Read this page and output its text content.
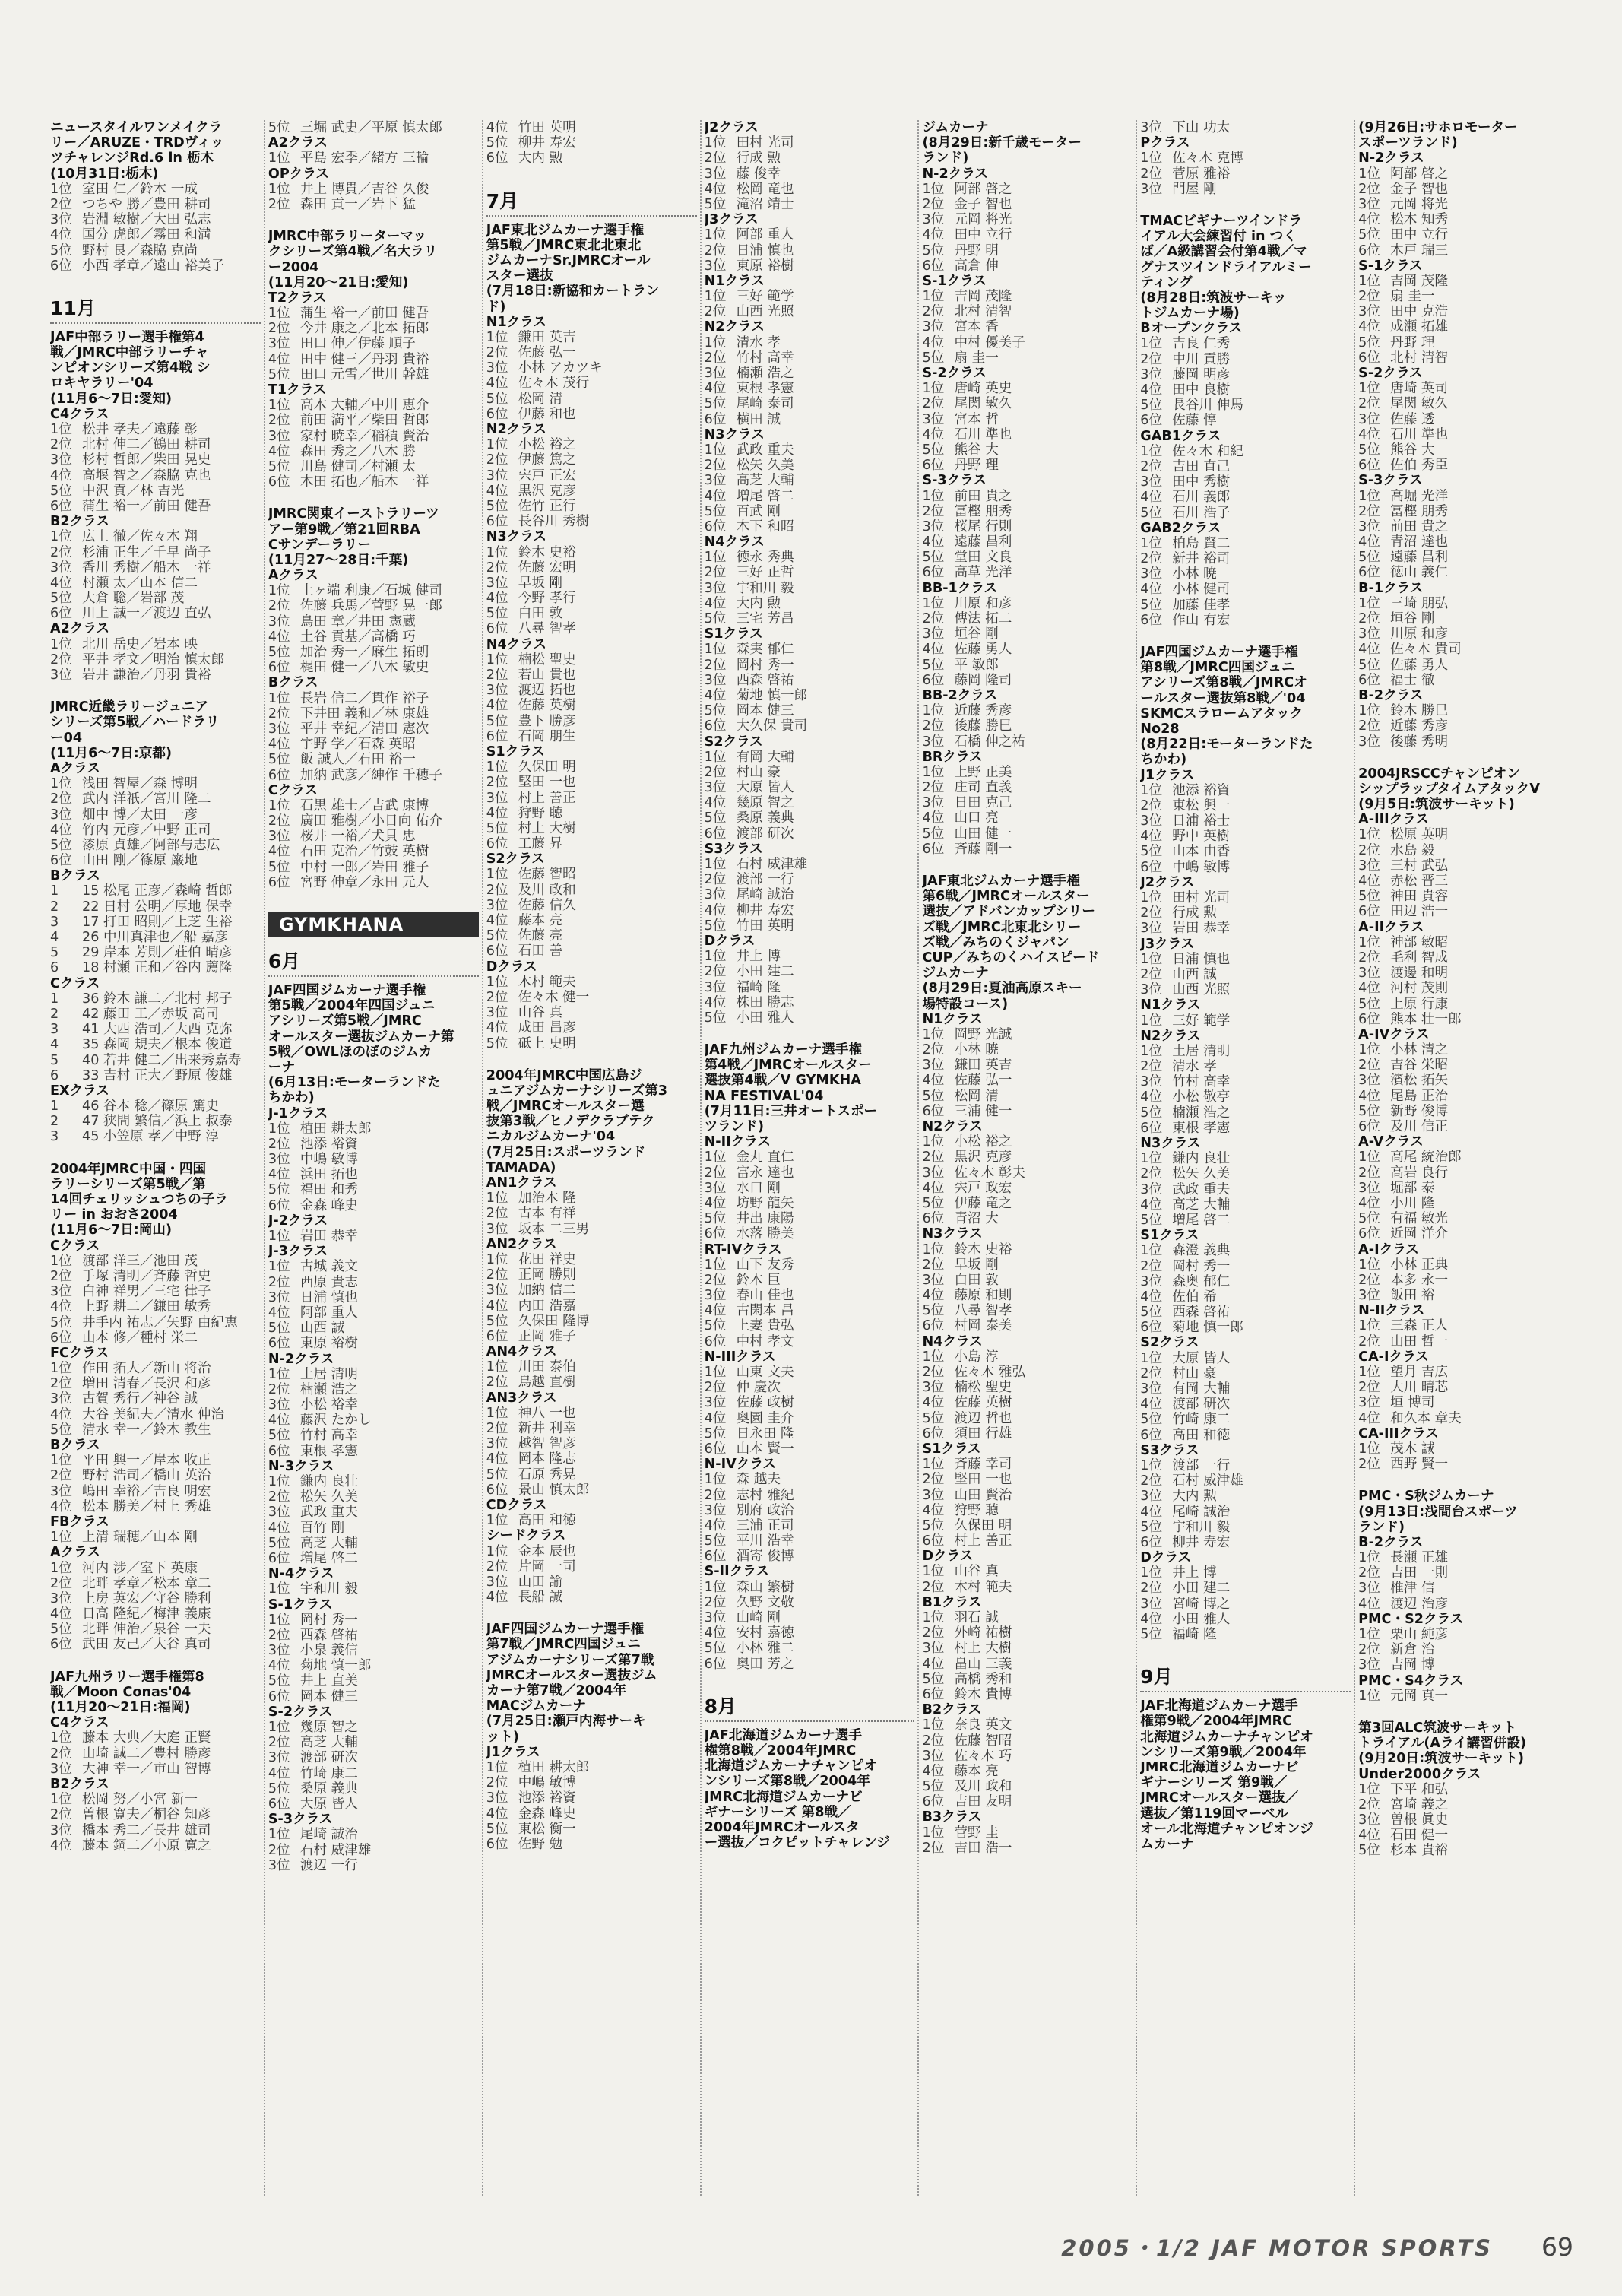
ニュースタイルワンメイクラ
リー／ARUZE・TRDヴィッ
ツチャレンジRd.6 in 栃木
(10月31日:栃木)
1位 室田 仁／鈴木 一成
2位 つちや 勝／豊田 耕司
3位 岩淵 敏樹／大田 弘志
4位 国分 虎郎／霧田 和満
5位 野村 艮／森脇 克尚
6位 小西 孝章／遠山 裕美子
11月
JAF中部ラリー選手権第4
戦／JMRC中部ラリーチャ
ンピオンシリーズ第4戦 シ
ロキヤラリー'04
(11月6～7日:愛知)
C4クラス
1位 松井 孝夫／遠藤 彰
2位 北村 伸二／鶴田 耕司
3位 杉村 哲郎／柴田 晃史
4位 高堰 智之／森脇 克也
5位 中沢 貢／林 吉光
6位 蒲生 裕一／前田 健吾
B2クラス
1位 広上 徹／佐々木 翔
2位 杉浦 正生／千早 尚子
3位 香川 秀樹／船木 一祥
4位 村瀬 太／山本 信二
5位 大倉 聡／岩部 茂
6位 川上 誠一／渡辺 直弘
A2クラス
1位 北川 岳史／岩本 映
2位 平井 孝文／明治 慎太郎
3位 岩井 謙治／丹羽 貴裕
JMRC近畿ラリージュニア
シリーズ第5戦／ハードラリ
ー04
(11月6～7日:京都)
Aクラス
1位 浅田 智屋／森 博明
2位 武内 洋祇／宮川 隆二
3位 畑中 博／太田 一彦
4位 竹内 元彦／中野 正司
5位 漆原 貞雄／阿部与志広
6位 山田 剛／篠原 巌地
Bクラス
1 15 松尾 正彦／森崎 哲郎
2 22 日村 公明／厚地 保幸
3 17 打田 昭則／上芝 生裕
4 26 中川真津也／船 嘉彦
5 29 岸本 芳則／荘伯 晴彦
6 18 村瀬 正和／谷内 薦隆
Cクラス
1 36 鈴木 謙二／北村 邦子
2 42 藤田 工／赤坂 高司
3 41 大西 浩司／大西 克弥
4 35 森岡 規夫／根本 俊道
5 40 若井 健二／出来秀嘉寿
6 33 吉村 正大／野原 俊雄
EXクラス
1 46 谷本 稔／篠原 篤史
2 47 狭間 繁信／浜上 叔泰
3 45 小笠原 孝／中野 淳
2004年JMRC中国・四国
ラリーシリーズ第5戦／第
14回チェリッシュつちの子ラ
リー in おおさ2004
(11月6～7日:岡山)
Cクラス
1位 渡部 洋三／池田 茂
2位 手塚 清明／斉藤 哲史
3位 白神 祥男／三宅 律子
4位 上野 耕二／鎌田 敏秀
5位 井手内 祐志／矢野 由紀恵
6位 山本 修／種村 栄二
FCクラス
1位 作田 拓大／新山 将治
2位 増田 清春／長沢 和彦
3位 古賀 秀行／神谷 誠
4位 大谷 美紀夫／清水 伸治
5位 清水 幸一／鈴木 教生
Bクラス
1位 平田 興一／岸本 收正
2位 野村 浩司／橋山 英治
3位 嶋田 幸裕／吉良 明宏
4位 松本 勝美／村上 秀雄
FBクラス
1位 上清 瑞穂／山本 剛
Aクラス
1位 河内 涉／室下 英康
2位 北畔 孝章／松本 章二
3位 上房 英宏／守谷 勝利
4位 日高 隆紀／梅津 義康
5位 北畔 伸治／泉谷 一夫
6位 武田 友己／大谷 真司
JAF九州ラリー選手権第8
戦／Moon Conas'04
(11月20～21日:福岡)
C4クラス
1位 藤本 大典／大庭 正賢
2位 山崎 誠二／豊村 勝彦
3位 大神 幸一／市山 智博
B2クラス
1位 松岡 努／小宮 新一
2位 曽根 寛夫／桐谷 知彦
3位 橋本 秀二／長井 雄司
4位 藤本 鋼二／小原 寛之
5位 三堀 武史／平原 慎太郎
A2クラス
1位 平島 宏季／緒方 三輪
OPクラス
1位 井上 博貴／吉谷 久俊
2位 森田 貢一／岩下 猛
JMRC中部ラリーターマッ
クシリーズ第4戦／名大ラリ
ー2004
(11月20～21日:愛知)
T2クラス
1位 蒲生 裕一／前田 健吾
2位 今井 康之／北本 拓郎
3位 田口 伸／伊藤 順子
4位 田中 健三／丹羽 貴裕
5位 田口 元雪／世川 幹雄
T1クラス
1位 高木 大輔／中川 恵介
2位 前田 満平／柴田 哲郎
3位 家村 暁幸／稲積 賢治
4位 森田 秀之／八木 勝
5位 川島 健司／村瀬 太
6位 木田 拓也／船木 一祥
JMRC関東イーストラリーツ
アー第9戦／第21回RBA
Cサンデーラリー
(11月27～28日:千葉)
Aクラス
1位 土ヶ端 利康／石城 健司
2位 佐藤 兵馬／菅野 晃一郎
3位 鳥田 章／井田 憲蔵
4位 土谷 貢基／高橋 巧
5位 加治 秀一／麻生 拓朗
6位 梶田 健一／八木 敏史
Bクラス
1位 長岩 信二／貫作 裕子
2位 下井田 義和／林 康雄
3位 平井 幸紀／清田 憲次
4位 宇野 学／石森 英昭
5位 飯 誠人／石田 裕一
6位 加納 武彦／紳作 千穂子
Cクラス
1位 石黒 雄士／吉武 康博
2位 廣田 雅樹／小日向 佑介
3位 桜井 一裕／犬貝 忠
4位 石田 克治／竹鼓 英樹
5位 中村 一郎／岩田 雅子
6位 宮野 伸章／永田 元人
GYMKHANA
6月
JAF四国ジムカーナ選手権
第5戦／2004年四国ジュニ
アシリーズ第5戦／JMRC
オールスター選抜ジムカーナ第
5戦／OWLほのぼのジムカ
ーナ
(6月13日:モーターランドた
ちかわ)
J-1クラス
1位 植田 耕太郎
2位 池添 裕資
3位 中嶋 敏博
4位 浜田 拓也
5位 福田 和秀
6位 金森 峰史
J-2クラス
1位 岩田 恭幸
J-3クラス
1位 古城 義文
2位 西原 貴志
3位 日浦 慎也
4位 阿部 重人
5位 山西 誠
6位 東原 裕樹
N-2クラス
1位 土居 清明
2位 楠瀬 浩之
3位 小松 裕幸
4位 藤沢 たかし
5位 竹村 高幸
6位 東根 孝憲
N-3クラス
1位 鎌内 良壮
2位 松矢 久美
3位 武政 重夫
4位 百竹 剛
5位 高芝 大輔
6位 増尾 啓二
N-4クラス
1位 宇和川 毅
S-1クラス
1位 岡村 秀一
2位 西森 啓祐
3位 小泉 義信
4位 菊地 慎一郎
5位 井上 直美
6位 岡本 健三
S-2クラス
1位 幾原 智之
2位 高芝 大輔
3位 渡部 研次
4位 竹崎 康二
5位 桑原 義典
6位 大原 皆人
S-3クラス
1位 尾崎 誠治
2位 石村 威津雄
3位 渡辺 一行
4位 竹田 英明
5位 柳井 寿宏
6位 大内 勲
7月
JAF東北ジムカーナ選手権
第5戦／JMRC東北北東北
ジムカーナSr.JMRCオール
スター選抜
(7月18日:新協和カートラン
ド)
N1クラス
1位 鎌田 英吉
2位 佐藤 弘一
3位 小林 アカツキ
4位 佐々木 茂行
5位 松岡 清
6位 伊藤 和也
N2クラス
1位 小松 裕之
2位 伊藤 篤之
3位 宍戸 正宏
4位 黒沢 克彦
5位 佐竹 正行
6位 長谷川 秀樹
N3クラス
1位 鈴木 史裕
2位 佐藤 宏明
3位 早坂 剛
4位 今野 孝行
5位 白田 敦
6位 八尋 智孝
N4クラス
1位 楠松 聖史
2位 若山 貴也
3位 渡辺 拓也
4位 佐藤 英樹
5位 豊下 勝彦
6位 石岡 朋生
S1クラス
1位 久保田 明
2位 堅田 一也
3位 村上 善正
4位 狩野 聴
5位 村上 大樹
6位 工藤 昇
S2クラス
1位 佐藤 智昭
2位 及川 政和
3位 佐藤 信久
4位 藤本 亮
5位 佐藤 亮
6位 石田 善
Dクラス
1位 木村 範夫
2位 佐々木 健一
3位 山谷 真
4位 成田 昌彦
5位 砥上 史明
2004年JMRC中国広島ジ
ュニアジムカーナシリーズ第3
戦／JMRCオールスター選
抜第3戦／ヒノデクラブテク
ニカルジムカーナ'04
(7月25日:スポーツランド
TAMADA)
AN1クラス
1位 加治木 隆
2位 古本 有祥
3位 坂本 二三男
AN2クラス
1位 花田 祥史
2位 正岡 勝則
3位 加納 信二
4位 内田 浩嘉
5位 久保田 隆博
6位 正岡 雅子
AN4クラス
1位 川田 泰伯
2位 鳥越 直樹
AN3クラス
1位 神八 一也
2位 新井 利幸
3位 越智 智彦
4位 岡本 隆志
5位 石原 秀晃
6位 景山 慎太郎
CDクラス
1位 高田 和徳
シードクラス
1位 金本 辰也
2位 片岡 一司
3位 山田 諭
4位 長船 誠
JAF四国ジムカーナ選手権
第7戦／JMRC四国ジュニ
アジムカーナシリーズ第7戦
JMRCオールスター選抜ジム
カーナ第7戦／2004年
MACジムカーナ
(7月25日:瀬戸内海サーキ
ット)
J1クラス
1位 植田 耕太郎
2位 中嶋 敏博
3位 池添 裕資
4位 金森 峰史
5位 東松 衡一
6位 佐野 勉
J2クラス
1位 田村 光司
2位 行成 勲
3位 藤 俊幸
4位 松岡 竜也
5位 滝沼 靖士
J3クラス
1位 阿部 重人
2位 日浦 慎也
3位 東原 裕樹
N1クラス
1位 三好 範学
2位 山西 光照
N2クラス
1位 清水 孝
2位 竹村 高幸
3位 楠瀬 浩之
4位 東根 孝憲
5位 尾崎 泰司
6位 横田 誠
N3クラス
1位 武政 重夫
2位 松矢 久美
3位 高芝 大輔
4位 増尾 啓二
5位 百武 剛
6位 木下 和昭
N4クラス
1位 徳永 秀典
2位 三好 正哲
3位 宇和川 毅
4位 大内 勲
5位 三宅 芳昌
S1クラス
1位 森実 郁仁
2位 岡村 秀一
3位 西森 啓祐
4位 菊地 慎一郎
5位 岡本 健三
6位 大久保 貴司
S2クラス
1位 有岡 大輔
2位 村山 豪
3位 大原 皆人
4位 幾原 智之
5位 桑原 義典
6位 渡部 研次
S3クラス
1位 石村 威津雄
2位 渡部 一行
3位 尾崎 誠治
4位 柳井 寿宏
5位 竹田 英明
Dクラス
1位 井上 博
2位 小田 建二
3位 福崎 隆
4位 株田 勝志
5位 小田 雅人
JAF九州ジムカーナ選手権
第4戦／JMRCオールスター
選抜第4戦／V GYMKHA
NA FESTIVAL'04
(7月11日:三井オートスポー
ツランド)
N-IIクラス
1位 金丸 直仁
2位 富永 達也
3位 水口 剛
4位 坊野 龍矢
5位 井出 康陽
6位 水落 勝美
RT-IVクラス
1位 山下 友秀
2位 鈴木 巨
3位 春山 佳也
4位 古閑本 昌
5位 上妻 貴弘
6位 中村 孝文
N-IIIクラス
1位 山東 文夫
2位 仲 慶次
3位 佐藤 政樹
4位 奥園 圭介
5位 日永田 隆
6位 山本 賢一
N-IVクラス
1位 森 越夫
2位 志村 雅紀
3位 別府 政治
4位 三浦 正司
5位 平川 浩幸
6位 酒寄 俊博
S-IIクラス
1位 森山 繁樹
2位 久野 文敬
3位 山崎 剛
4位 安村 嘉徳
5位 小林 雅二
6位 奥田 芳之
8月
JAF北海道ジムカーナ選手
権第8戦／2004年JMRC
北海道ジムカーナチャンピオ
ンシリーズ第8戦／2004年
JMRC北海道ジムカーナビ
ギナーシリーズ 第8戦／
2004年JMRCオールスタ
ー選抜／コクピットチャレンジ
ジムカーナ
(8月29日:新千歳モーター
ランド)
N-2クラス
1位 阿部 啓之
2位 金子 智也
3位 元岡 将光
4位 田中 立行
5位 丹野 明
6位 高倉 伸
S-1クラス
1位 吉岡 茂隆
2位 北村 清智
3位 宮本 香
4位 中村 優美子
5位 扇 圭一
S-2クラス
1位 唐崎 英史
2位 尾関 敏久
3位 宮本 哲
4位 石川 準也
5位 熊谷 大
6位 丹野 理
S-3クラス
1位 前田 貴之
2位 冨樫 朋秀
3位 桜尾 行則
4位 遠藤 昌利
5位 堂田 文良
6位 高草 光洋
BB-1クラス
1位 川原 和彦
2位 傳法 拓二
3位 垣谷 剛
4位 佐藤 勇人
5位 平 敏郎
6位 藤岡 隆司
BB-2クラス
1位 近藤 秀彦
2位 後藤 勝巳
3位 石橋 伸之祐
BRクラス
1位 上野 正美
2位 庄司 直義
3位 日田 克己
4位 山口 亮
5位 山田 健一
6位 斉藤 剛一
JAF東北ジムカーナ選手権
第6戦／JMRCオールスター
選抜／アドバンカップシリー
ズ戦／JMRC北東北シリー
ズ戦／みちのくジャパン
CUP／みちのくハイスピード
ジムカーナ
(8月29日:夏油高原スキー
場特設コース)
N1クラス
1位 岡野 光誠
2位 小林 暁
3位 鎌田 英吉
4位 佐藤 弘一
5位 松岡 清
6位 三浦 健一
N2クラス
1位 小松 裕之
2位 黒沢 克彦
3位 佐々木 彰夫
4位 宍戸 政宏
5位 伊藤 竜之
6位 青沼 大
N3クラス
1位 鈴木 史裕
2位 早坂 剛
3位 白田 敦
4位 藤原 和則
5位 八尋 智孝
6位 村岡 泰美
N4クラス
1位 小島 淳
2位 佐々木 雅弘
3位 楠松 聖史
4位 佐藤 英樹
5位 渡辺 哲也
6位 須田 行雄
S1クラス
1位 斉藤 幸司
2位 堅田 一也
3位 山田 賢治
4位 狩野 聴
5位 久保田 明
6位 村上 善正
Dクラス
1位 山谷 真
2位 木村 範夫
B1クラス
1位 羽石 誠
2位 外崎 祐樹
3位 村上 大樹
4位 畠山 三義
5位 高橋 秀和
6位 鈴木 貴博
B2クラス
1位 奈良 英文
2位 佐藤 智昭
3位 佐々木 巧
4位 藤本 亮
5位 及川 政和
6位 吉田 友明
B3クラス
1位 菅野 圭
2位 吉田 浩一
3位 下山 功太
Pクラス
1位 佐々木 克博
2位 菅原 雅裕
3位 門屋 剛
TMACビギナーツインドラ
イアル大会練習付 in つく
ば／A級講習会付第4戦／マ
グナスツインドライアルミー
ティング
(8月28日:筑波サーキッ
トジムカーナ場)
Bオープンクラス
1位 吉良 仁秀
2位 中川 貢勝
3位 藤岡 明彦
4位 田中 良樹
5位 長谷川 伸馬
6位 佐藤 惇
GAB1クラス
1位 佐々木 和紀
2位 吉田 直己
3位 田中 秀樹
4位 石川 義郎
5位 石川 浩子
GAB2クラス
1位 柏島 賢二
2位 新井 裕司
3位 小林 暁
4位 小林 健司
5位 加藤 佳孝
6位 作山 有宏
JAF四国ジムカーナ選手権
第8戦／JMRC四国ジュニ
アシリーズ第8戦／JMRCオ
ールスター選抜第8戦／'04
SKMCスラロームアタック
No28
(8月22日:モーターランドた
ちかわ)
J1クラス
1位 池添 裕資
2位 東松 興一
3位 日浦 裕士
4位 野中 英樹
5位 山本 由香
6位 中嶋 敏博
J2クラス
1位 田村 光司
2位 行成 勲
3位 岩田 恭幸
J3クラス
1位 日浦 慎也
2位 山西 誠
3位 山西 光照
N1クラス
1位 三好 範学
N2クラス
1位 土居 清明
2位 清水 孝
3位 竹村 高幸
4位 小松 敬亭
5位 楠瀬 浩之
6位 東根 孝憲
N3クラス
1位 鎌内 良壮
2位 松矢 久美
3位 武政 重夫
4位 高芝 大輔
5位 増尾 啓二
S1クラス
1位 森澄 義典
2位 岡村 秀一
3位 森奥 郁仁
4位 佐伯 希
5位 西森 啓祐
6位 菊地 慎一郎
S2クラス
1位 大原 皆人
2位 村山 豪
3位 有岡 大輔
4位 渡部 研次
5位 竹崎 康二
6位 高田 和徳
S3クラス
1位 渡部 一行
2位 石村 威津雄
3位 大内 勲
4位 尾崎 誠治
5位 宇和川 毅
6位 柳井 寿宏
Dクラス
1位 井上 博
2位 小田 建二
3位 宮崎 博之
4位 小田 雅人
5位 福崎 隆
9月
JAF北海道ジムカーナ選手
権第9戦／2004年JMRC
北海道ジムカーナチャンピオ
ンシリーズ第9戦／2004年
JMRC北海道ジムカーナビ
ギナーシリーズ 第9戦／
JMRCオールスター選抜／
選抜／第119回マーベル
オール北海道チャンピオンジ
ムカーナ
(9月26日:サホロモーター
スポーツランド)
N-2クラス
1位 阿部 啓之
2位 金子 智也
3位 元岡 将光
4位 松木 知秀
5位 田中 立行
6位 木戸 瑞三
S-1クラス
1位 吉岡 茂隆
2位 扇 圭一
3位 田中 克浩
4位 成瀬 拓雄
5位 丹野 理
6位 北村 清智
S-2クラス
1位 唐崎 英司
2位 尾関 敏久
3位 佐藤 透
4位 石川 準也
5位 熊谷 大
6位 佐伯 秀臣
S-3クラス
1位 高堀 光洋
2位 冨樫 朋秀
3位 前田 貴之
4位 青沼 達也
5位 遠藤 昌利
6位 徳山 義仁
B-1クラス
1位 三崎 朋弘
2位 垣谷 剛
3位 川原 和彦
4位 佐々木 貴司
5位 佐藤 勇人
6位 福士 徹
B-2クラス
1位 鈴木 勝巳
2位 近藤 秀彦
3位 後藤 秀明
2004JRSCCチャンピオン
シップラップタイムアタックV
(9月5日:筑波サーキット)
A-IIIクラス
1位 松原 英明
2位 水島 毅
3位 三村 武弘
4位 赤松 晋三
5位 神田 貴容
6位 田辺 浩一
A-IIクラス
1位 神部 敏昭
2位 毛利 智成
3位 渡邊 和明
4位 河村 茂則
5位 上原 行康
6位 熊本 壮一郎
A-IVクラス
1位 小林 清之
2位 吉谷 栄昭
3位 濱松 拓矢
4位 尾島 正治
5位 新野 俊博
6位 及川 信正
A-Vクラス
1位 高尾 統治郎
2位 高岩 良行
3位 堀部 泰
4位 小川 隆
5位 有福 敏光
6位 近岡 洋介
A-Iクラス
1位 小林 正典
2位 本多 永一
3位 飯田 裕
N-IIクラス
1位 三森 正人
2位 山田 哲一
CA-Iクラス
1位 望月 吉広
2位 大川 晴芯
3位 垣 博司
4位 和久本 章夫
CA-IIIクラス
1位 茂木 誠
2位 西野 賢一
PMC・S秋ジムカーナ
(9月13日:浅間台スポーツ
ランド)
B-2クラス
1位 長瀬 正雄
2位 吉田 一則
3位 椎津 信
4位 渡辺 治彦
PMC・S2クラス
1位 栗山 純彦
2位 新倉 治
3位 吉岡 博
PMC・S4クラス
1位 元岡 真一
第3回ALC筑波サーキット
トライアル(Aライ講習併設)
(9月20日:筑波サーキット)
Under2000クラス
1位 下平 和弘
2位 宮崎 義之
3位 曽根 眞史
4位 石田 健一
5位 杉本 貴裕
2005・1/2 JAF MOTOR SPORTS 69
